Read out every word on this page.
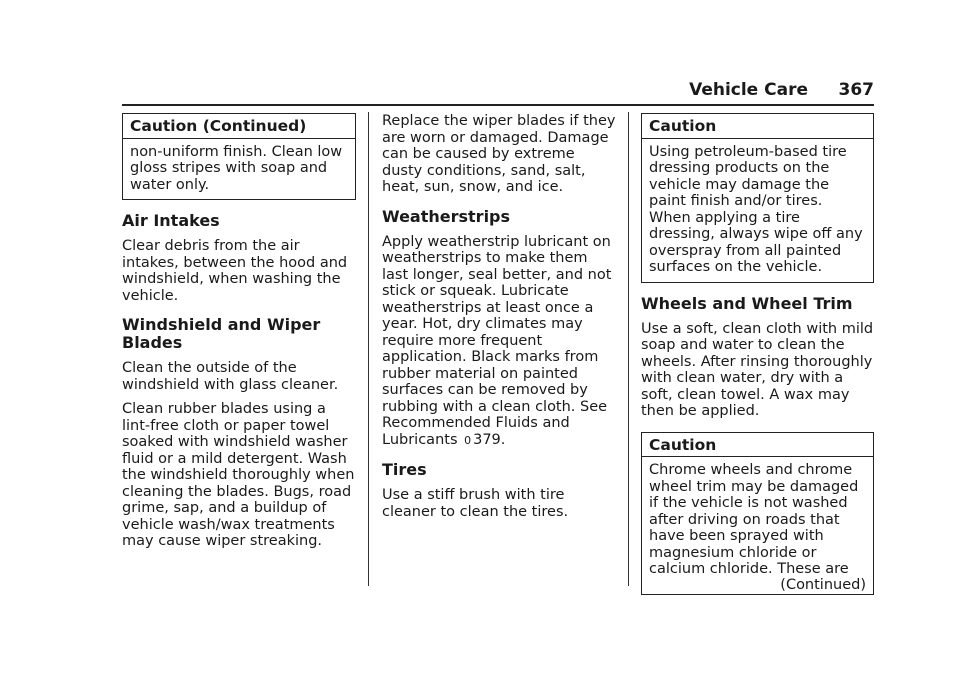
Vehicle Care 367
Caution (Continued)

non-uniform finish. Clean low gloss stripes with soap and water only.

Air Intakes

Clear debris from the air intakes, between the hood and windshield, when washing the vehicle.

Windshield and Wiper Blades

Clean the outside of the windshield with glass cleaner.

Clean rubber blades using a lint-free cloth or paper towel soaked with windshield washer fluid or a mild detergent. Wash the windshield thoroughly when cleaning the blades. Bugs, road grime, sap, and a buildup of vehicle wash/wax treatments may cause wiper streaking.

Replace the wiper blades if they are worn or damaged. Damage can be caused by extreme dusty conditions, sand, salt, heat, sun, snow, and ice.

Weatherstrips

Apply weatherstrip lubricant on weatherstrips to make them last longer, seal better, and not stick or squeak. Lubricate weatherstrips at least once a year. Hot, dry climates may require more frequent application. Black marks from rubber material on painted surfaces can be removed by rubbing with a clean cloth. See Recommended Fluids and Lubricants 0 379.

Tires

Use a stiff brush with tire cleaner to clean the tires.

Caution

Using petroleum-based tire dressing products on the vehicle may damage the paint finish and/or tires. When applying a tire dressing, always wipe off any overspray from all painted surfaces on the vehicle.

Wheels and Wheel Trim

Use a soft, clean cloth with mild soap and water to clean the wheels. After rinsing thoroughly with clean water, dry with a soft, clean towel. A wax may then be applied.

Caution

Chrome wheels and chrome wheel trim may be damaged if the vehicle is not washed after driving on roads that have been sprayed with magnesium chloride or calcium chloride. These are

(Continued)
